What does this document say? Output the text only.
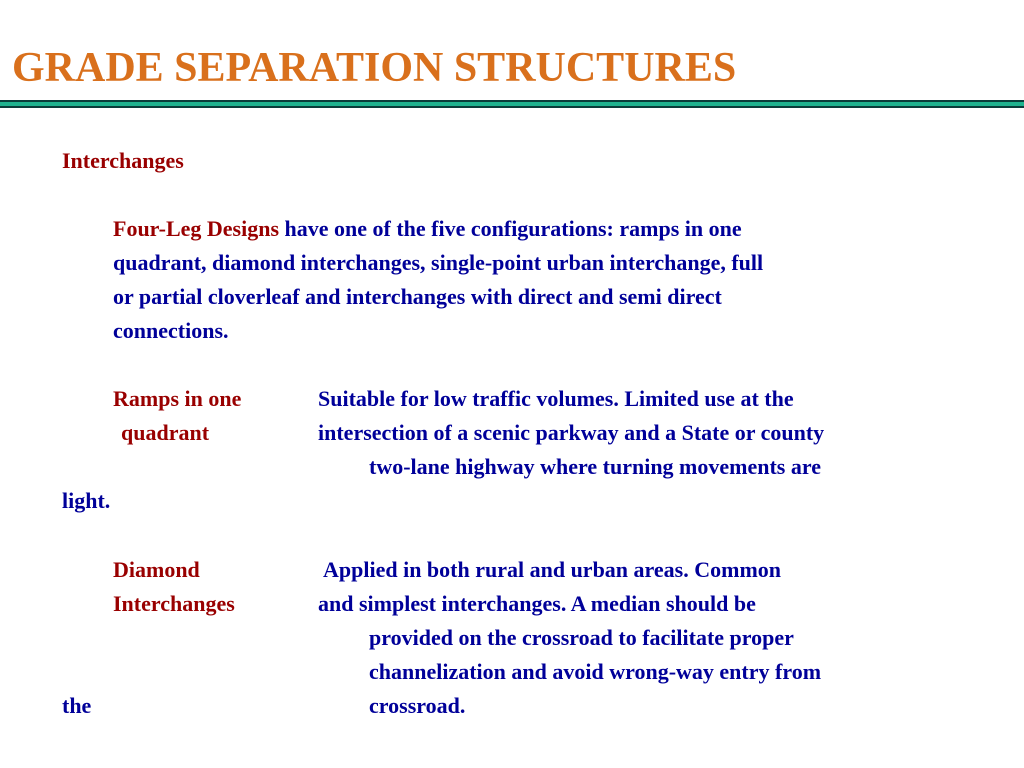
GRADE SEPARATION STRUCTURES
Interchanges
Four-Leg Designs have one of the five configurations: ramps in one
quadrant, diamond interchanges, single-point urban interchange, full
or partial cloverleaf and interchanges with direct and semi direct
connections.
Ramps in one
quadrant
Suitable for low traffic volumes. Limited use at the
intersection of a scenic parkway and a State or county
two-lane highway where turning movements are
light.
Diamond
Interchanges
Applied in both rural and urban areas. Common
and simplest interchanges. A median should be
provided on the crossroad to facilitate proper
channelization and avoid wrong-way entry from
the	crossroad.
